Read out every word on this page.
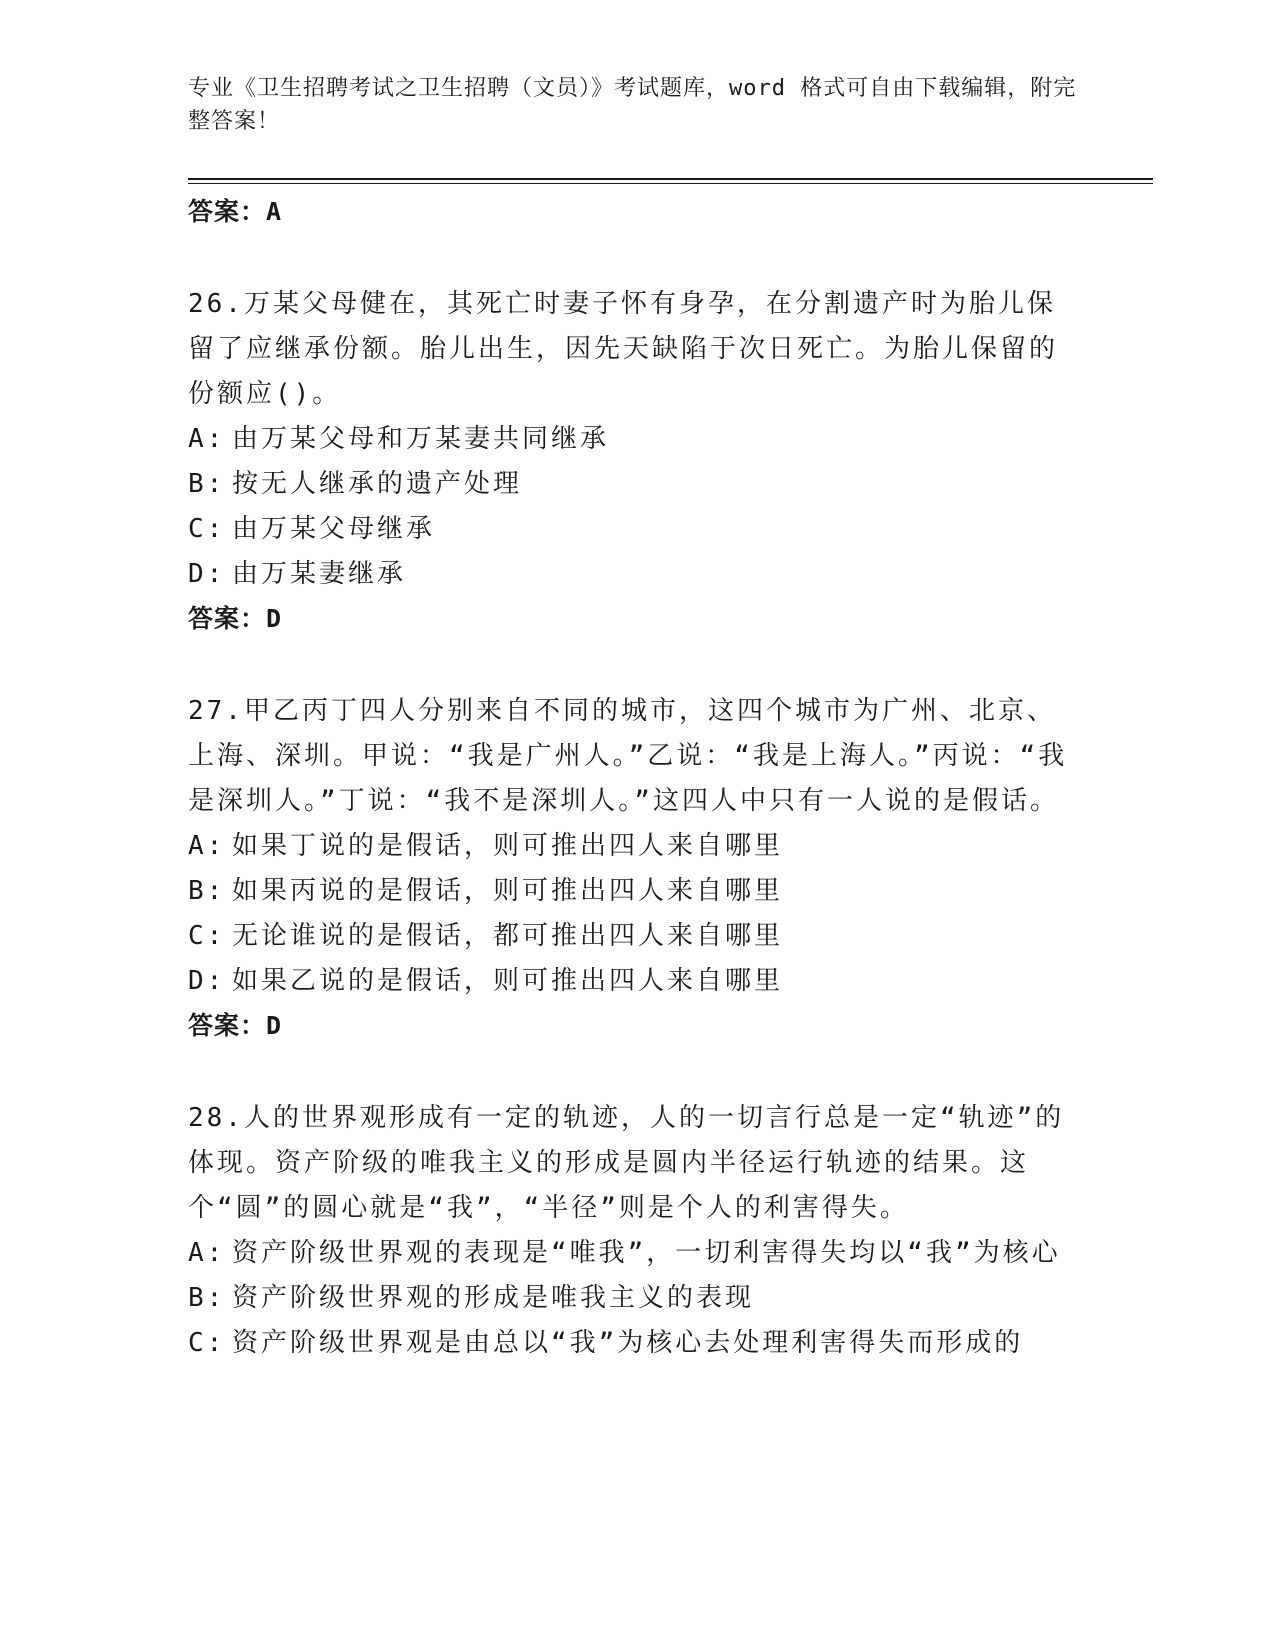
专业《卫生招聘考试之卫生招聘（文员）》考试题库，word 格式可自由下载编辑，附完整答案！
答案：A
26.万某父母健在，其死亡时妻子怀有身孕，在分割遗产时为胎儿保留了应继承份额。胎儿出生，因先天缺陷于次日死亡。为胎儿保留的份额应()。
A: 由万某父母和万某妻共同继承
B: 按无人继承的遗产处理
C: 由万某父母继承
D: 由万某妻继承
答案：D
27.甲乙丙丁四人分别来自不同的城市，这四个城市为广州、北京、上海、深圳。甲说：“我是广州人。”乙说：“我是上海人。”丙说：“我是深圳人。”丁说：“我不是深圳人。”这四人中只有一人说的是假话。
A: 如果丁说的是假话，则可推出四人来自哪里
B: 如果丙说的是假话，则可推出四人来自哪里
C: 无论谁说的是假话，都可推出四人来自哪里
D: 如果乙说的是假话，则可推出四人来自哪里
答案：D
28.人的世界观形成有一定的轨迹，人的一切言行总是一定“轨迹”的体现。资产阶级的唯我主义的形成是圆内半径运行轨迹的结果。这个“圆”的圆心就是“我”，“半径”则是个人的利害得失。
A: 资产阶级世界观的表现是“唯我”，一切利害得失均以“我”为核心
B: 资产阶级世界观的形成是唯我主义的表现
C: 资产阶级世界观是由总以“我”为核心去处理利害得失而形成的
